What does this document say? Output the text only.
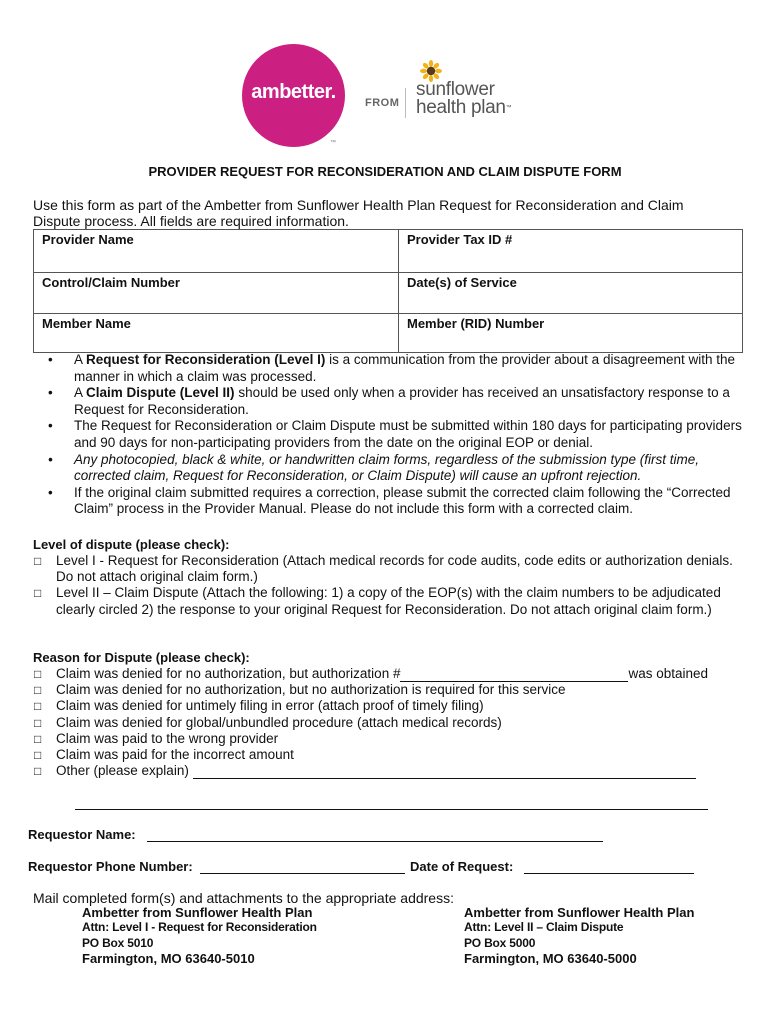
ambetter.
™
FROM
sunflower
health plan™
PROVIDER REQUEST FOR RECONSIDERATION AND CLAIM DISPUTE FORM
Use this form as part of the Ambetter from Sunflower Health Plan Request for Reconsideration and Claim Dispute process. All fields are required information.
Provider Name	Provider Tax ID #
Control/Claim Number	Date(s) of Service
Member Name	Member (RID) Number
• A Request for Reconsideration (Level I) is a communication from the provider about a disagreement with the manner in which a claim was processed.
• A Claim Dispute (Level II) should be used only when a provider has received an unsatisfactory response to a Request for Reconsideration.
• The Request for Reconsideration or Claim Dispute must be submitted within 180 days for participating providers and 90 days for non-participating providers from the date on the original EOP or denial.
• Any photocopied, black & white, or handwritten claim forms, regardless of the submission type (first time, corrected claim, Request for Reconsideration, or Claim Dispute) will cause an upfront rejection.
• If the original claim submitted requires a correction, please submit the corrected claim following the “Corrected Claim” process in the Provider Manual. Please do not include this form with a corrected claim.
Level of dispute (please check):
□ Level I - Request for Reconsideration (Attach medical records for code audits, code edits or authorization denials. Do not attach original claim form.)
□ Level II – Claim Dispute (Attach the following: 1) a copy of the EOP(s) with the claim numbers to be adjudicated clearly circled 2) the response to your original Request for Reconsideration. Do not attach original claim form.)
Reason for Dispute (please check):
□ Claim was denied for no authorization, but authorization #	was obtained
□ Claim was denied for no authorization, but no authorization is required for this service
□ Claim was denied for untimely filing in error (attach proof of timely filing)
□ Claim was denied for global/unbundled procedure (attach medical records)
□ Claim was paid to the wrong provider
□ Claim was paid for the incorrect amount
□ Other (please explain)
Requestor Name:
Requestor Phone Number:	Date of Request:
Mail completed form(s) and attachments to the appropriate address:
Ambetter from Sunflower Health Plan
Attn: Level I - Request for Reconsideration
PO Box 5010
Farmington, MO 63640-5010
Ambetter from Sunflower Health Plan
Attn: Level II – Claim Dispute
PO Box 5000
Farmington, MO 63640-5000
